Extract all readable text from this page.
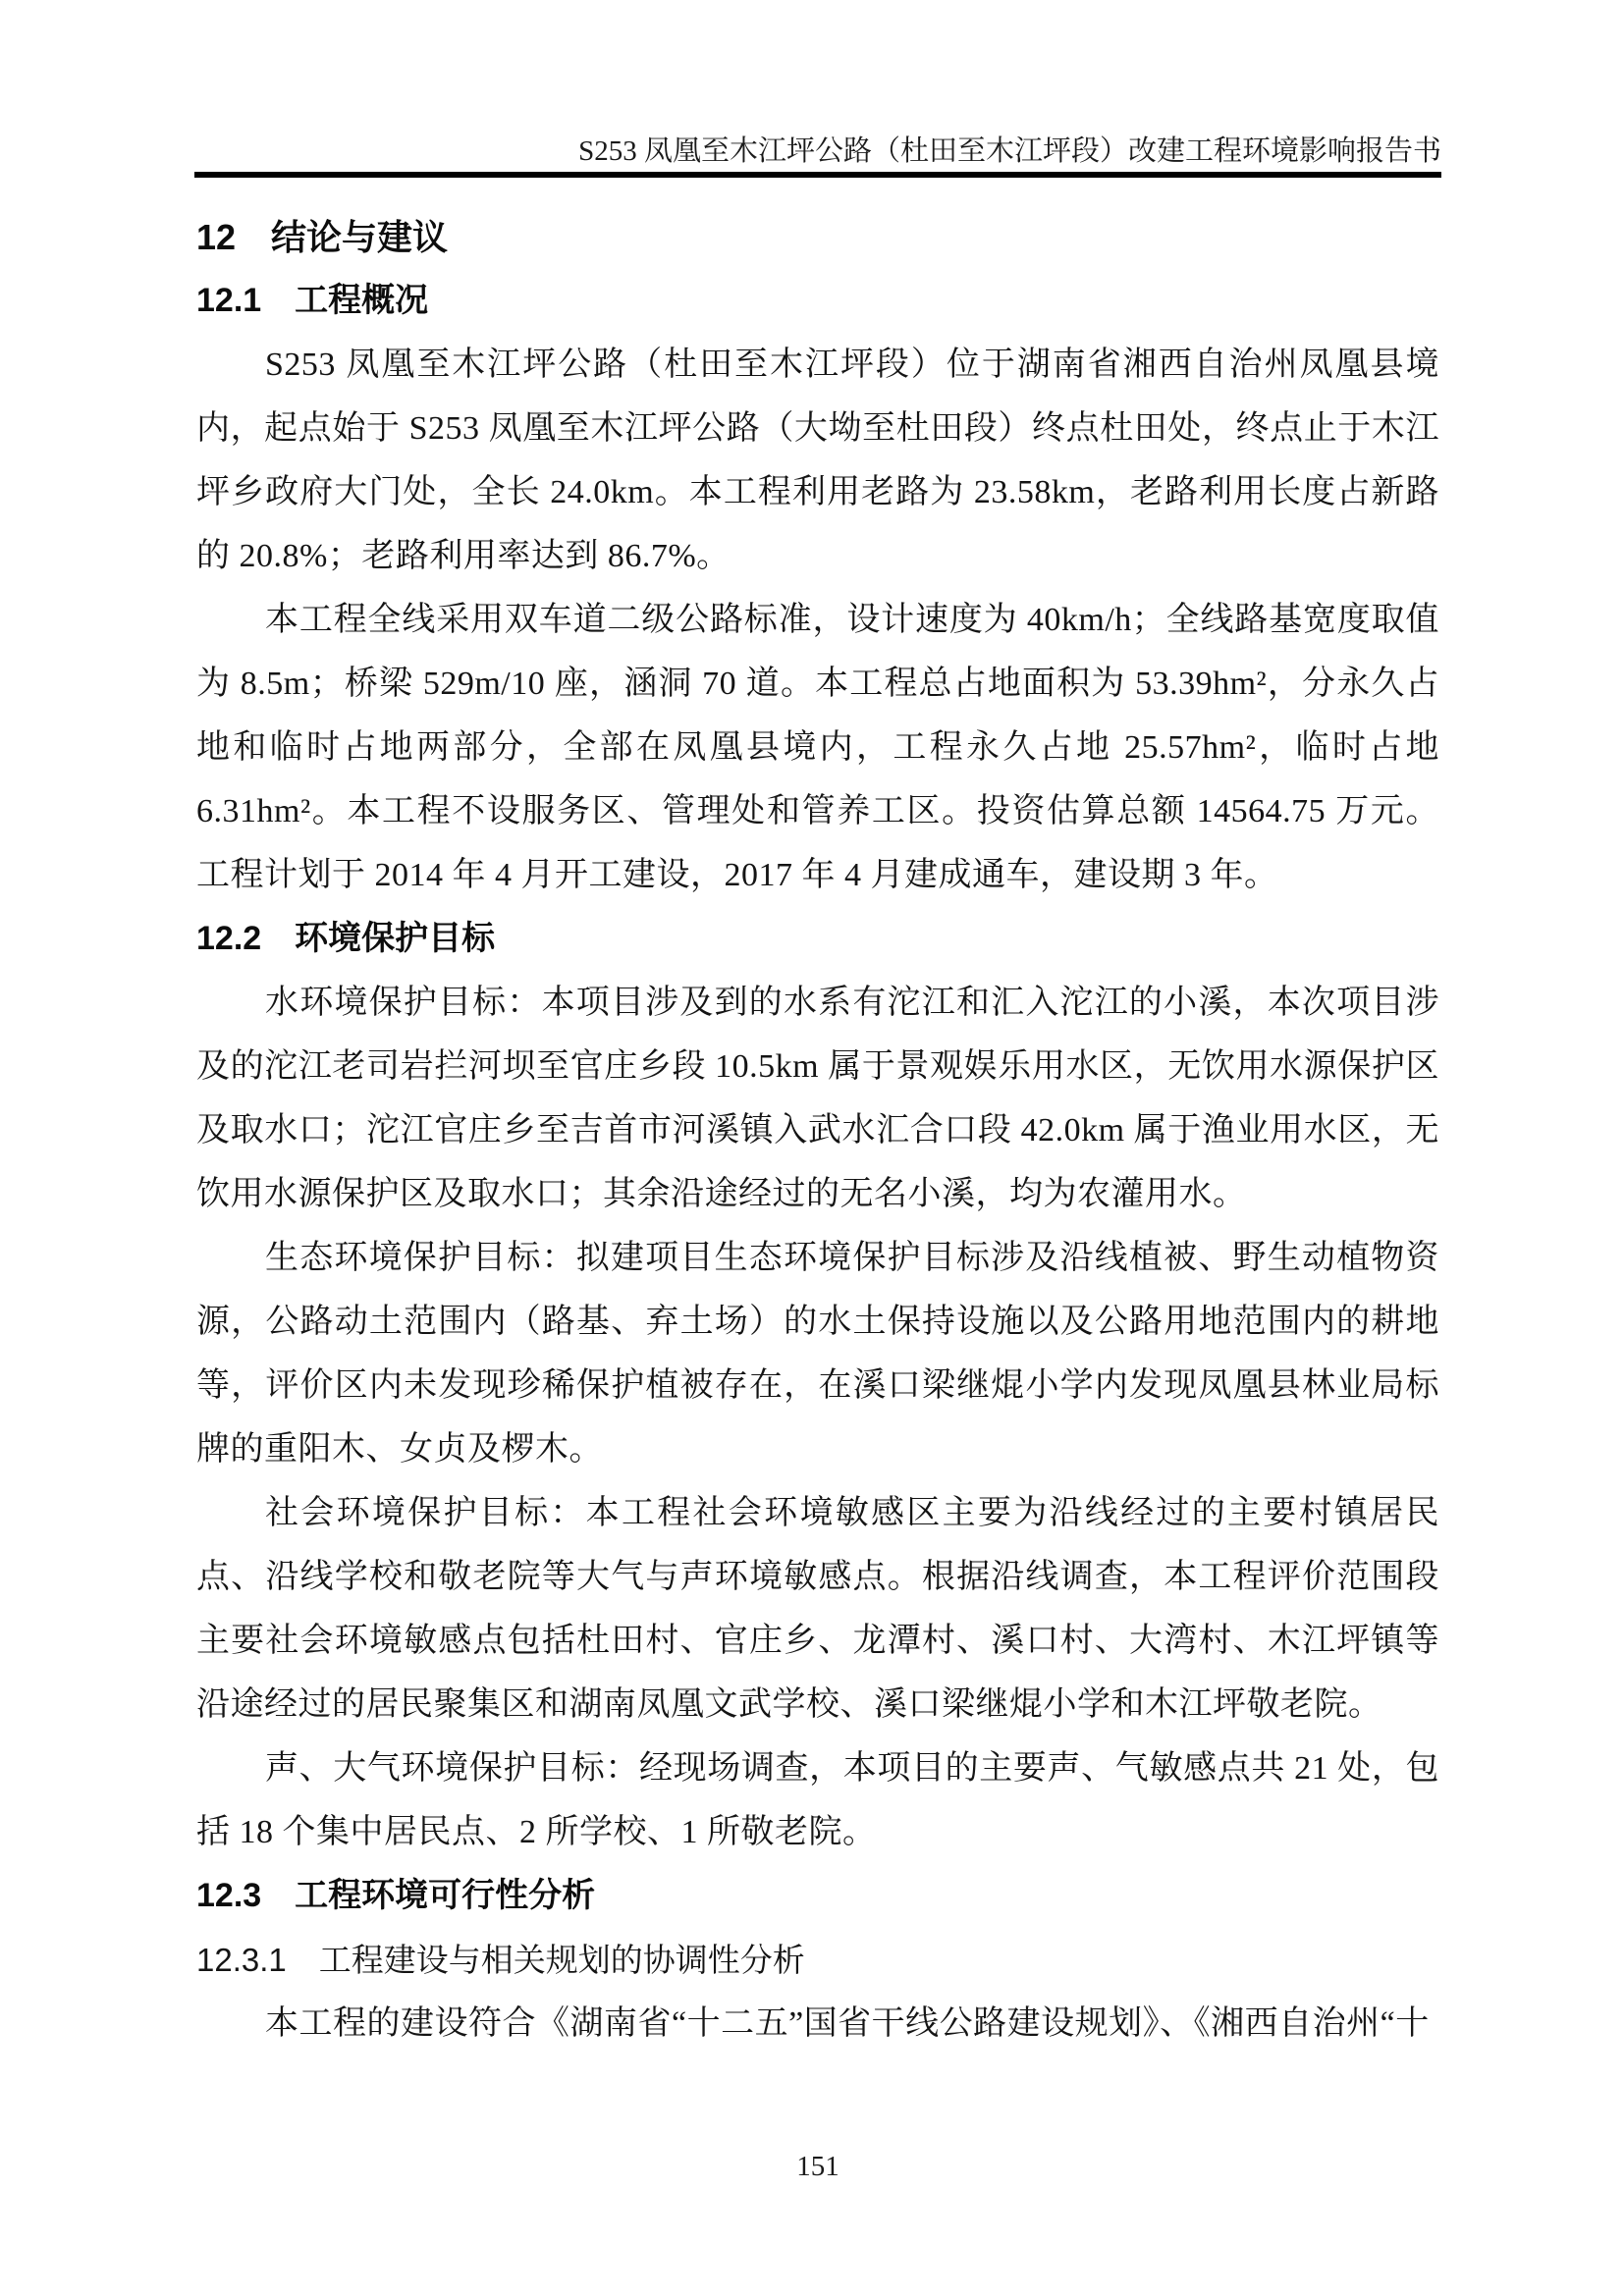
S253 凤凰至木江坪公路（杜田至木江坪段）改建工程环境影响报告书
12　结论与建议
12.1　工程概况

S253 凤凰至木江坪公路（杜田至木江坪段）位于湖南省湘西自治州凤凰县境内，起点始于 S253 凤凰至木江坪公路（大坳至杜田段）终点杜田处，终点止于木江坪乡政府大门处，全长 24.0km。本工程利用老路为 23.58km，老路利用长度占新路的 20.8%；老路利用率达到 86.7%。

本工程全线采用双车道二级公路标准，设计速度为 40km/h；全线路基宽度取值为 8.5m；桥梁 529m/10 座，涵洞 70 道。本工程总占地面积为 53.39hm²，分永久占地和临时占地两部分，全部在凤凰县境内，工程永久占地 25.57hm²，临时占地 6.31hm²。本工程不设服务区、管理处和管养工区。投资估算总额 14564.75 万元。工程计划于 2014 年 4 月开工建设，2017 年 4 月建成通车，建设期 3 年。

12.2　环境保护目标

水环境保护目标：本项目涉及到的水系有沱江和汇入沱江的小溪，本次项目涉及的沱江老司岩拦河坝至官庄乡段 10.5km 属于景观娱乐用水区，无饮用水源保护区及取水口；沱江官庄乡至吉首市河溪镇入武水汇合口段 42.0km 属于渔业用水区，无饮用水源保护区及取水口；其余沿途经过的无名小溪，均为农灌用水。

生态环境保护目标：拟建项目生态环境保护目标涉及沿线植被、野生动植物资源，公路动土范围内（路基、弃土场）的水土保持设施以及公路用地范围内的耕地等，评价区内未发现珍稀保护植被存在，在溪口梁继焜小学内发现凤凰县林业局标牌的重阳木、女贞及椤木。

社会环境保护目标：本工程社会环境敏感区主要为沿线经过的主要村镇居民点、沿线学校和敬老院等大气与声环境敏感点。根据沿线调查，本工程评价范围段主要社会环境敏感点包括杜田村、官庄乡、龙潭村、溪口村、大湾村、木江坪镇等沿途经过的居民聚集区和湖南凤凰文武学校、溪口梁继焜小学和木江坪敬老院。

声、大气环境保护目标：经现场调查，本项目的主要声、气敏感点共 21 处，包括 18 个集中居民点、2 所学校、1 所敬老院。

12.3　工程环境可行性分析
12.3.1　工程建设与相关规划的协调性分析

本工程的建设符合《湖南省“十二五”国省干线公路建设规划》、《湘西自治州“十

151
